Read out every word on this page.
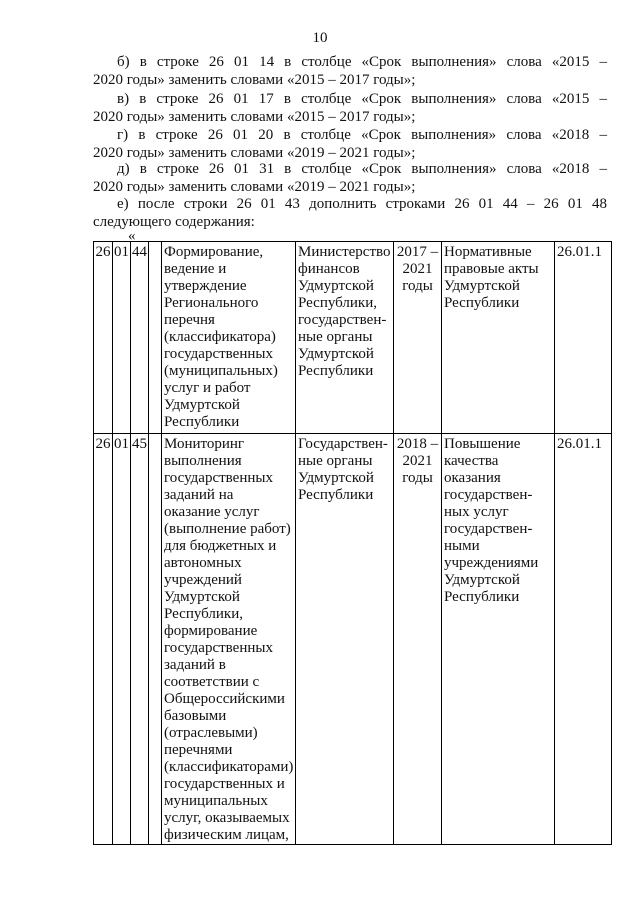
10
б) в строке 26 01 14 в столбце «Срок выполнения» слова «2015 –
2020 годы» заменить словами «2015 – 2017 годы»;
в) в строке 26 01 17 в столбце «Срок выполнения» слова «2015 –
2020 годы» заменить словами «2015 – 2017 годы»;
г) в строке 26 01 20 в столбце «Срок выполнения» слова «2018 –
2020 годы» заменить словами «2019 – 2021 годы»;
д) в строке 26 01 31 в столбце «Срок выполнения» слова «2018 –
2020 годы» заменить словами «2019 – 2021 годы»;
е) после строки 26 01 43 дополнить строками 26 01 44 – 26 01 48
следующего содержания:
«
26	01	44		Формирование, ведение и утверждение Регионального перечня (классификатора) государственных (муниципальных) услуг и работ Удмуртской Республики	Министерство финансов Удмуртской Республики, государствен-ные органы Удмуртской Республики	2017 – 2021 годы	Нормативные правовые акты Удмуртской Республики	26.01.1
26	01	45		Мониторинг выполнения государственных заданий на оказание услуг (выполнение работ) для бюджетных и автономных учреждений Удмуртской Республики, формирование государственных заданий в соответствии с Общероссийскими базовыми (отраслевыми) перечнями (классификаторами) государственных и муниципальных услуг, оказываемых физическим лицам,	Государствен-ные органы Удмуртской Республики	2018 – 2021 годы	Повышение качества оказания государствен-ных услуг государствен-ными учреждениями Удмуртской Республики	26.01.1
